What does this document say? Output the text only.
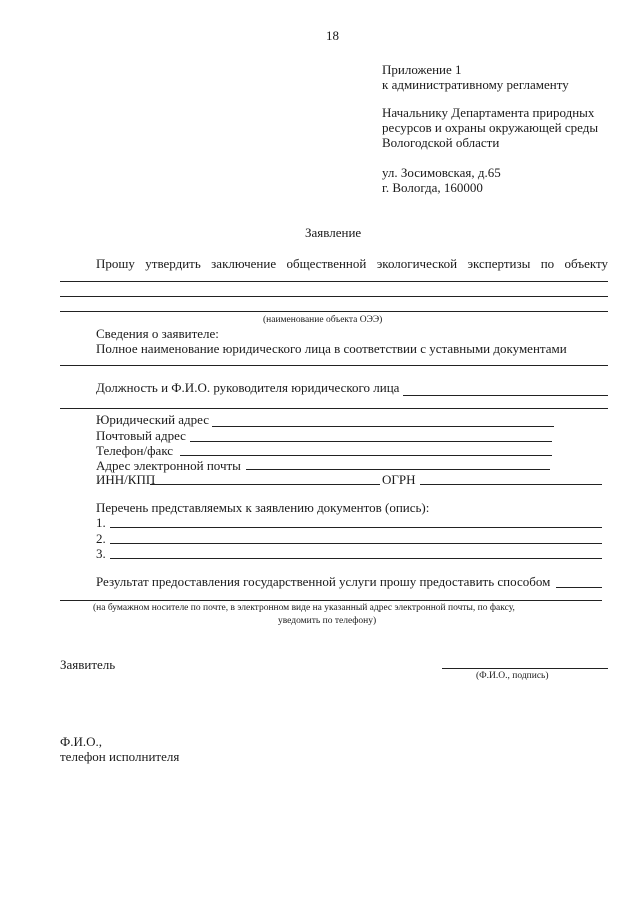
18
Приложение 1
к административному регламенту
Начальнику Департамента природных
ресурсов и охраны окружающей среды
Вологодской области
ул. Зосимовская, д.65
г. Вологда, 160000
Заявление
Прошу утвердить заключение общественной экологической экспертизы по объекту
(наименование объекта ОЭЭ)
Сведения о заявителе:
Полное наименование юридического лица в соответствии с уставными документами
Должность и Ф.И.О. руководителя юридического лица
Юридический адрес
Почтовый адрес
Телефон/факс
Адрес электронной почты
ИНН/КПП	ОГРН
Перечень представляемых к заявлению документов (опись):
1.
2.
3.
Результат предоставления государственной услуги прошу предоставить способом
(на бумажном носителе по почте, в электронном виде на указанный адрес электронной почты, по факсу,
уведомить по телефону)
Заявитель
(Ф.И.О., подпись)
Ф.И.О.,
телефон исполнителя
